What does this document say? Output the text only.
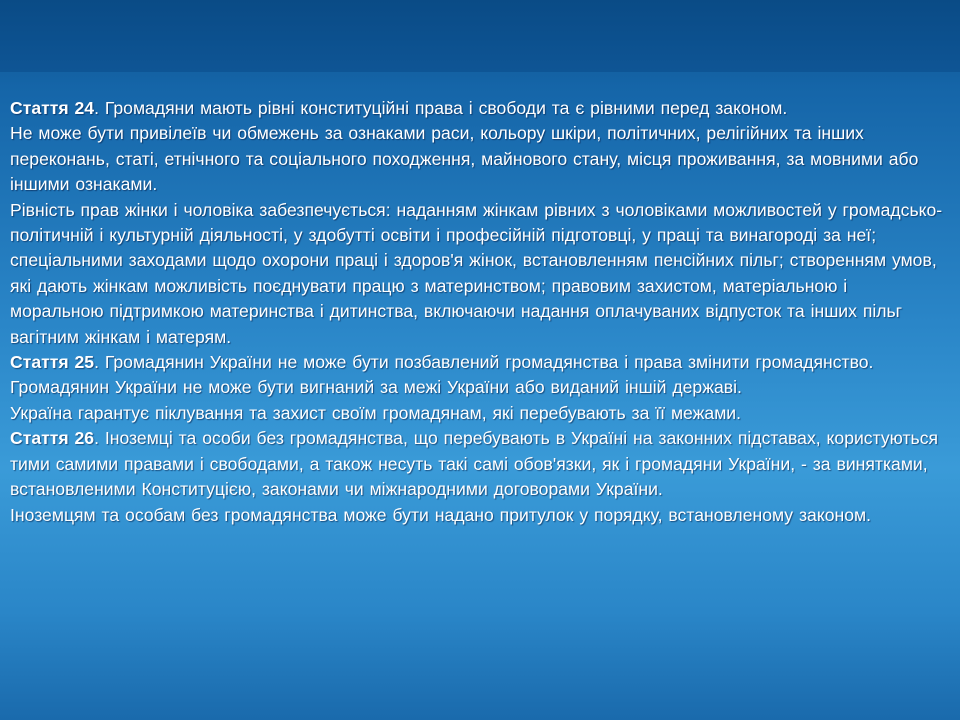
Стаття 24. Громадяни мають рівні конституційні права і свободи та є рівними перед законом.

Не може бути привілеїв чи обмежень за ознаками раси, кольору шкіри, політичних, релігійних та інших переконань, статі, етнічного та соціального походження, майнового стану, місця проживання, за мовними або іншими ознаками.

Рівність прав жінки і чоловіка забезпечується: наданням жінкам рівних з чоловіками можливостей у громадсько-політичній і культурній діяльності, у здобутті освіти і професійній підготовці, у праці та винагороді за неї; спеціальними заходами щодо охорони праці і здоров'я жінок, встановленням пенсійних пільг; створенням умов, які дають жінкам можливість поєднувати працю з материнством; правовим захистом, матеріальною і моральною підтримкою материнства і дитинства, включаючи надання оплачуваних відпусток та інших пільг вагітним жінкам і матерям.

Стаття 25. Громадянин України не може бути позбавлений громадянства і права змінити громадянство.

Громадянин України не може бути вигнаний за межі України або виданий іншій державі.

Україна гарантує піклування та захист своїм громадянам, які перебувають за її межами.

Стаття 26. Іноземці та особи без громадянства, що перебувають в Україні на законних підставах, користуються тими самими правами і свободами, а також несуть такі самі обов'язки, як і громадяни України, - за винятками, встановленими Конституцією, законами чи міжнародними договорами України.

Іноземцям та особам без громадянства може бути надано притулок у порядку, встановленому законом.
